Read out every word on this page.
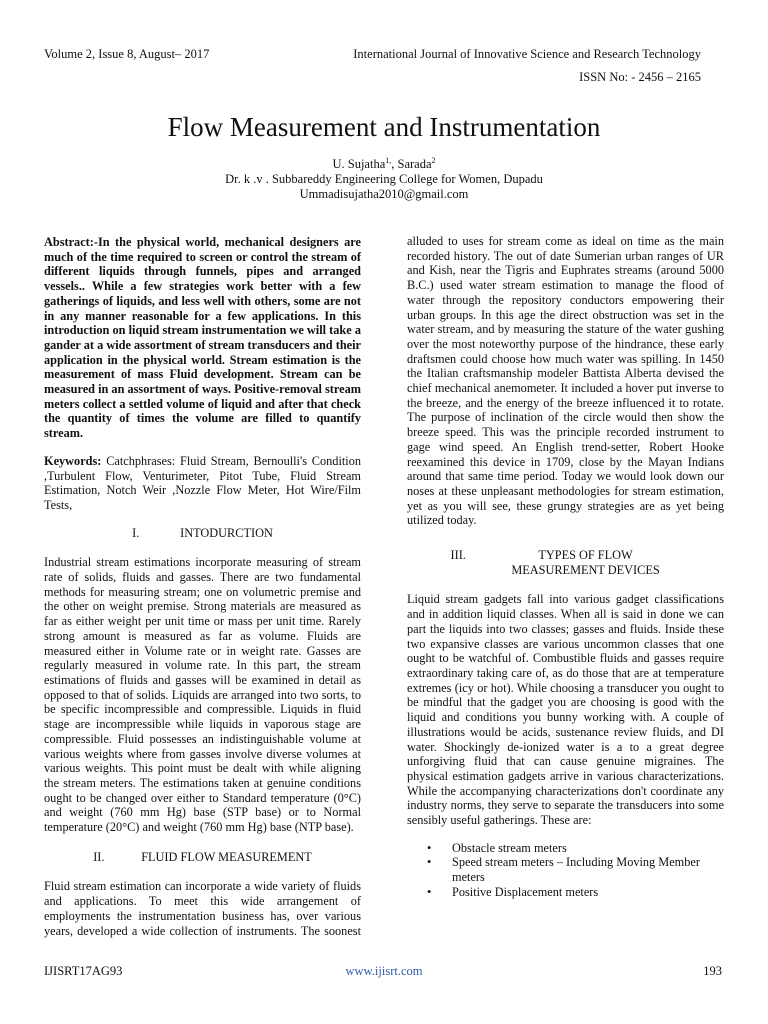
Volume 2, Issue 8, August– 2017	International Journal of Innovative Science and Research Technology
ISSN No: - 2456 – 2165
Flow Measurement and Instrumentation
U. Sujatha$^{1,}$, Sarada$^2$
Dr. k .v . Subbareddy Engineering College for Women, Dupadu
Ummadisujatha2010@gmail.com

Abstract:-In the physical world, mechanical designers are much of the time required to screen or control the stream of different liquids through funnels, pipes and arranged vessels.. While a few strategies work better with a few gatherings of liquids, and less well with others, some are not in any manner reasonable for a few applications. In this introduction on liquid stream instrumentation we will take a gander at a wide assortment of stream transducers and their application in the physical world. Stream estimation is the measurement of mass Fluid development. Stream can be measured in an assortment of ways. Positive-removal stream meters collect a settled volume of liquid and after that check the quantity of times the volume are filled to quantify stream.

Keywords: Catchphrases: Fluid Stream, Bernoulli's Condition ,Turbulent Flow, Venturimeter, Pitot Tube, Fluid Stream Estimation, Notch Weir ,Nozzle Flow Meter, Hot Wire/Film Tests,

I.	INTODURCTION

Industrial stream estimations incorporate measuring of stream rate of solids, fluids and gasses. There are two fundamental methods for measuring stream; one on volumetric premise and the other on weight premise. Strong materials are measured as far as either weight per unit time or mass per unit time. Rarely strong amount is measured as far as volume. Fluids are measured either in Volume rate or in weight rate. Gasses are regularly measured in volume rate. In this part, the stream estimations of fluids and gasses will be examined in detail as opposed to that of solids. Liquids are arranged into two sorts, to be specific incompressible and compressible. Liquids in fluid stage are incompressible while liquids in vaporous stage are compressible. Fluid possesses an indistinguishable volume at various weights where from gasses involve diverse volumes at various weights. This point must be dealt with while aligning the stream meters. The estimations taken at genuine conditions ought to be changed over either to Standard temperature (0°C) and weight (760 mm Hg) base (STP base) or to Normal temperature (20°C) and weight (760 mm Hg) base (NTP base).

II.	FLUID FLOW MEASUREMENT

Fluid stream estimation can incorporate a wide variety of fluids and applications. To meet this wide arrangement of employments the instrumentation business has, over various years, developed a wide collection of instruments. The soonest

alluded to uses for stream come as ideal on time as the main recorded history. The out of date Sumerian urban ranges of UR and Kish, near the Tigris and Euphrates streams (around 5000 B.C.) used water stream estimation to manage the flood of water through the repository conductors empowering their urban groups. In this age the direct obstruction was set in the water stream, and by measuring the stature of the water gushing over the most noteworthy purpose of the hindrance, these early draftsmen could choose how much water was spilling. In 1450 the Italian craftsmanship modeler Battista Alberta devised the chief mechanical anemometer. It included a hover put inverse to the breeze, and the energy of the breeze influenced it to rotate. The purpose of inclination of the circle would then show the breeze speed. This was the principle recorded instrument to gage wind speed. An English trend-setter, Robert Hooke reexamined this device in 1709, close by the Mayan Indians around that same time period. Today we would look down our noses at these unpleasant methodologies for stream estimation, yet as you will see, these grungy strategies are as yet being utilized today.

III.	TYPES OF FLOW MEASUREMENT DEVICES

Liquid stream gadgets fall into various gadget classifications and in addition liquid classes. When all is said in done we can part the liquids into two classes; gasses and fluids. Inside these two expansive classes are various uncommon classes that one ought to be watchful of. Combustible fluids and gasses require extraordinary taking care of, as do those that are at temperature extremes (icy or hot). While choosing a transducer you ought to be mindful that the gadget you are choosing is good with the liquid and conditions you bunny working with. A couple of illustrations would be acids, sustenance review fluids, and DI water. Shockingly de-ionized water is a to a great degree unforgiving fluid that can cause genuine migraines. The physical estimation gadgets arrive in various characterizations. While the accompanying characterizations don't coordinate any industry norms, they serve to separate the transducers into some sensibly useful gatherings. These are:

• Obstacle stream meters
• Speed stream meters – Including Moving Member meters
• Positive Displacement meters
IJISRT17AG93	www.ijisrt.com	193
